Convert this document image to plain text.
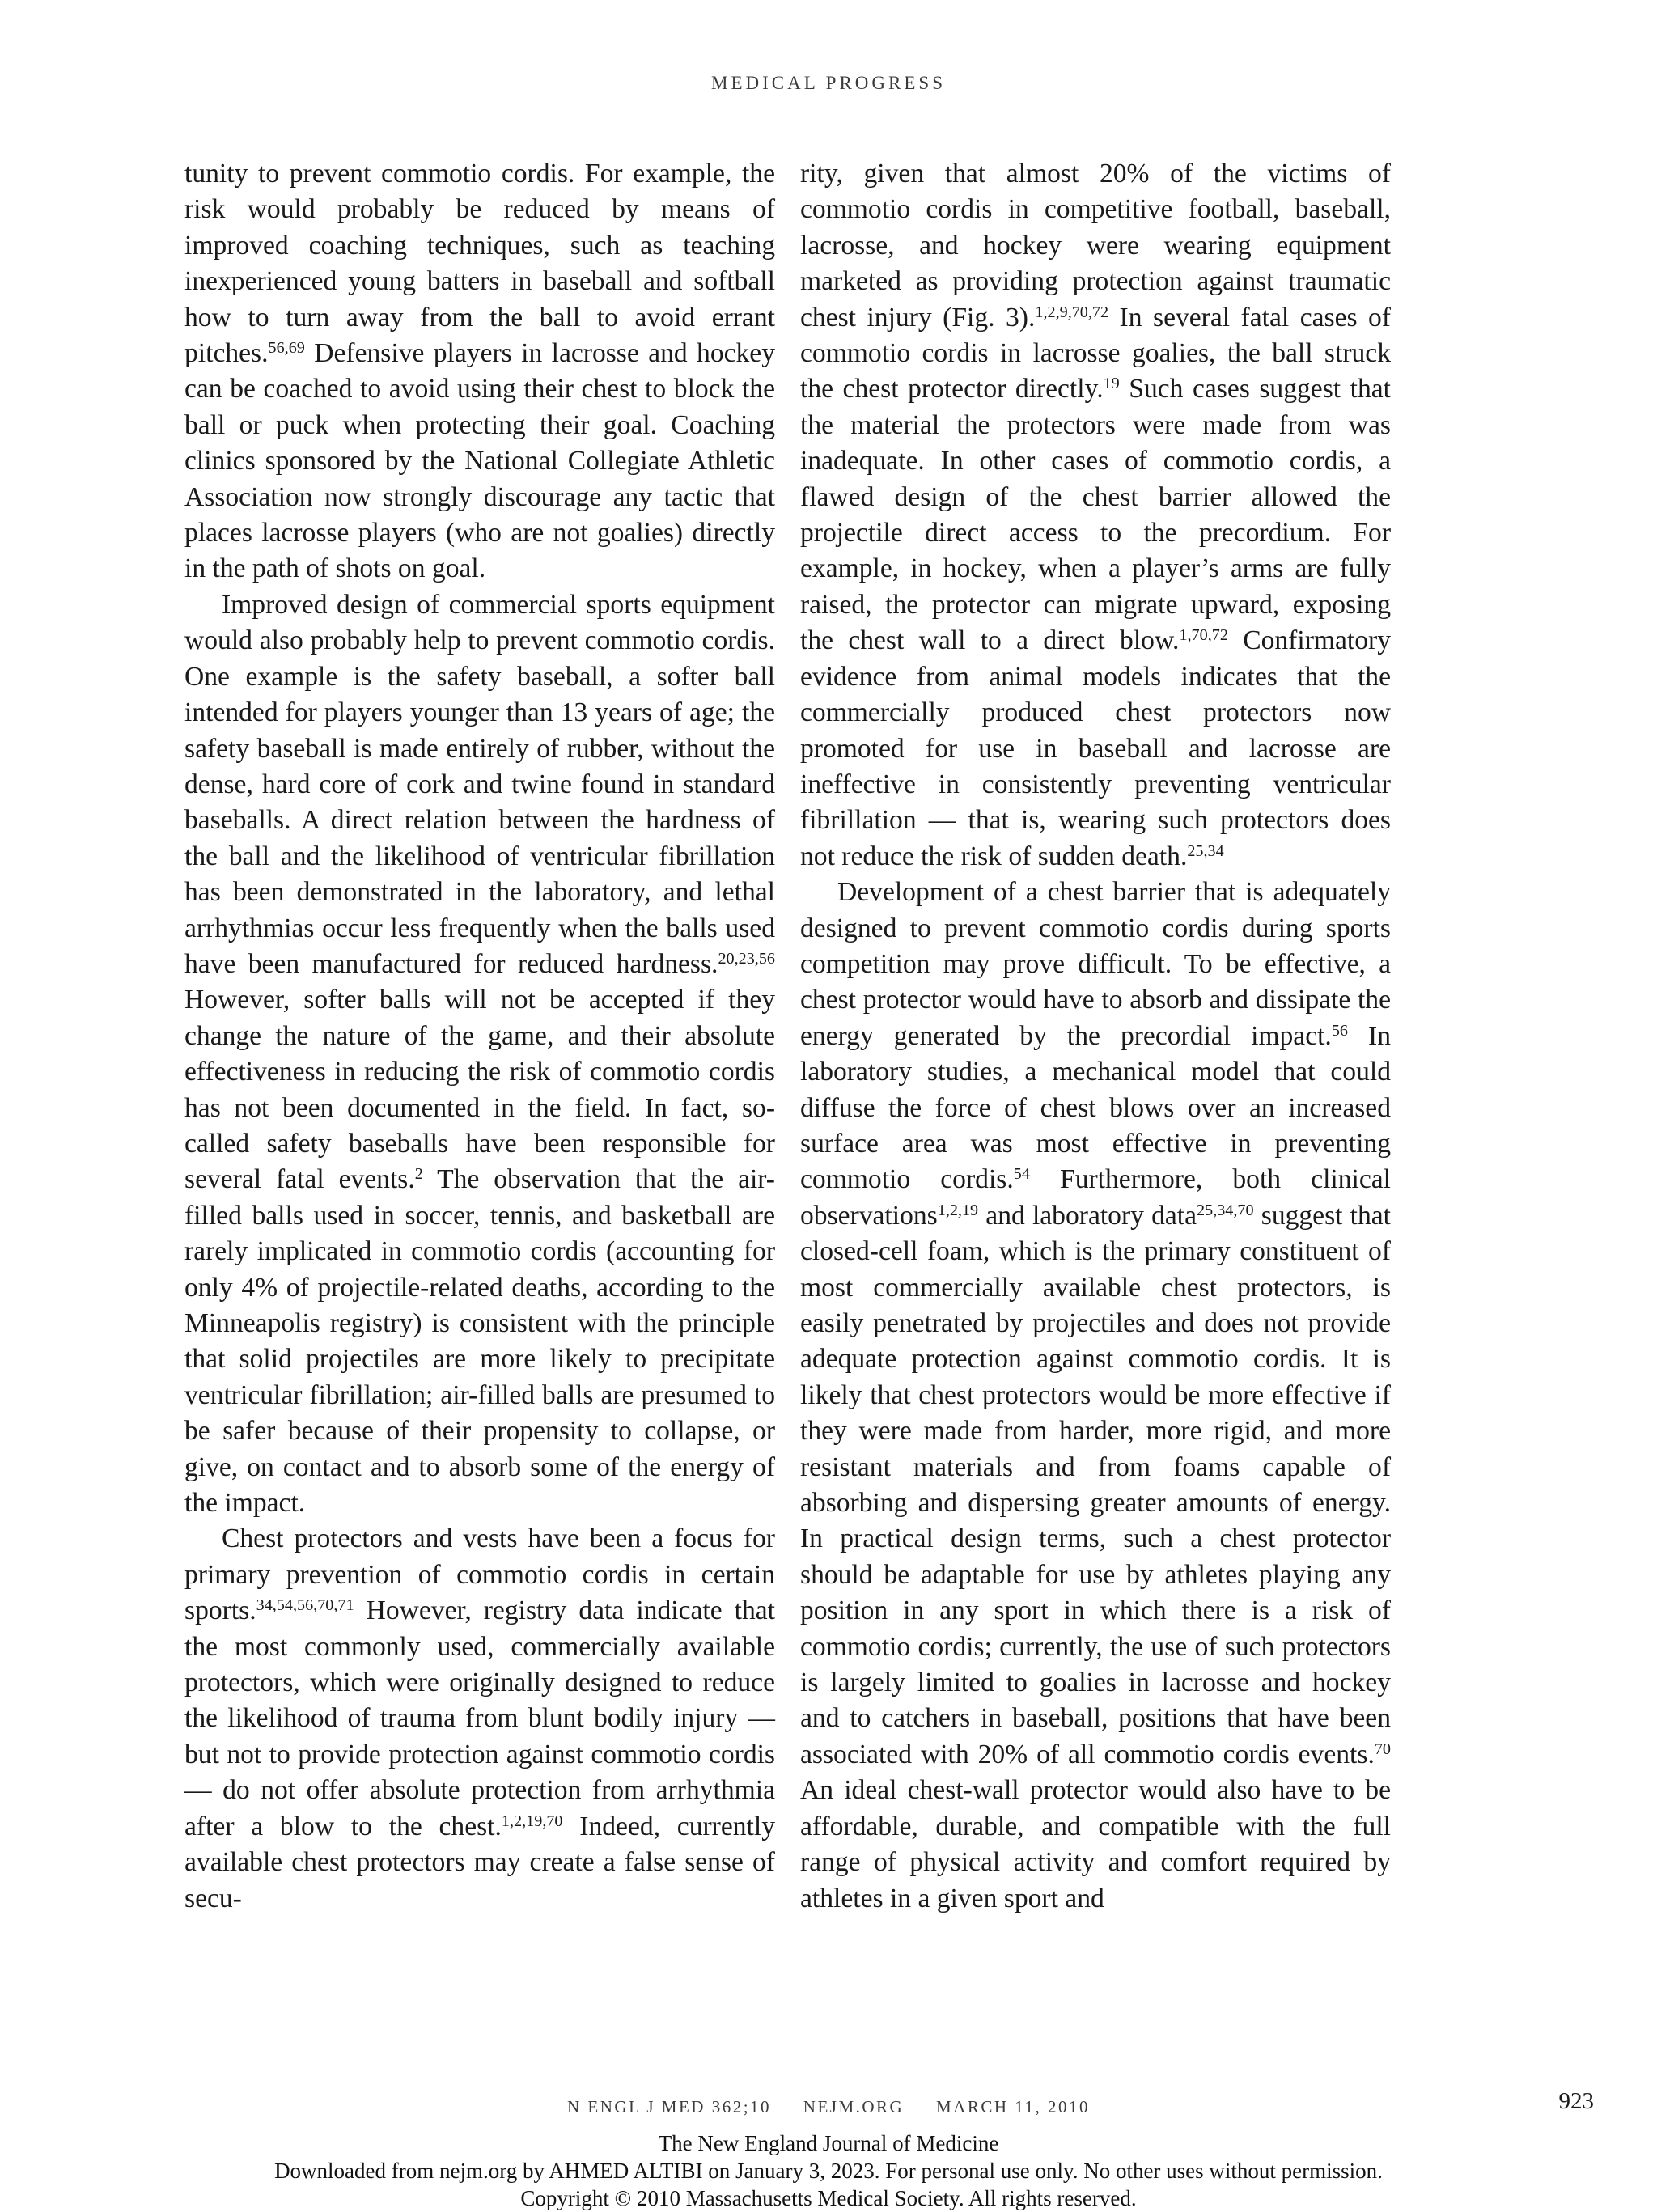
MEDICAL PROGRESS

tunity to prevent commotio cordis. For example, the risk would probably be reduced by means of improved coaching techniques, such as teaching inexperienced young batters in baseball and softball how to turn away from the ball to avoid errant pitches.$^{56,69}$ Defensive players in lacrosse and hockey can be coached to avoid using their chest to block the ball or puck when protecting their goal. Coaching clinics sponsored by the National Collegiate Athletic Association now strongly discourage any tactic that places lacrosse players (who are not goalies) directly in the path of shots on goal.

Improved design of commercial sports equipment would also probably help to prevent commotio cordis. One example is the safety baseball, a softer ball intended for players younger than 13 years of age; the safety baseball is made entirely of rubber, without the dense, hard core of cork and twine found in standard baseballs. A direct relation between the hardness of the ball and the likelihood of ventricular fibrillation has been demonstrated in the laboratory, and lethal arrhythmias occur less frequently when the balls used have been manufactured for reduced hardness.$^{20,23,56}$ However, softer balls will not be accepted if they change the nature of the game, and their absolute effectiveness in reducing the risk of commotio cordis has not been documented in the field. In fact, so-called safety baseballs have been responsible for several fatal events.$^2$ The observation that the air-filled balls used in soccer, tennis, and basketball are rarely implicated in commotio cordis (accounting for only 4% of projectile-related deaths, according to the Minneapolis registry) is consistent with the principle that solid projectiles are more likely to precipitate ventricular fibrillation; air-filled balls are presumed to be safer because of their propensity to collapse, or give, on contact and to absorb some of the energy of the impact.

Chest protectors and vests have been a focus for primary prevention of commotio cordis in certain sports.$^{34,54,56,70,71}$ However, registry data indicate that the most commonly used, commercially available protectors, which were originally designed to reduce the likelihood of trauma from blunt bodily injury — but not to provide protection against commotio cordis — do not offer absolute protection from arrhythmia after a blow to the chest.$^{1,2,19,70}$ Indeed, currently available chest protectors may create a false sense of secu-

rity, given that almost 20% of the victims of commotio cordis in competitive football, baseball, lacrosse, and hockey were wearing equipment marketed as providing protection against traumatic chest injury (Fig. 3).$^{1,2,9,70,72}$ In several fatal cases of commotio cordis in lacrosse goalies, the ball struck the chest protector directly.$^{19}$ Such cases suggest that the material the protectors were made from was inadequate. In other cases of commotio cordis, a flawed design of the chest barrier allowed the projectile direct access to the precordium. For example, in hockey, when a player’s arms are fully raised, the protector can migrate upward, exposing the chest wall to a direct blow.$^{1,70,72}$ Confirmatory evidence from animal models indicates that the commercially produced chest protectors now promoted for use in baseball and lacrosse are ineffective in consistently preventing ventricular fibrillation — that is, wearing such protectors does not reduce the risk of sudden death.$^{25,34}$

Development of a chest barrier that is adequately designed to prevent commotio cordis during sports competition may prove difficult. To be effective, a chest protector would have to absorb and dissipate the energy generated by the precordial impact.$^{56}$ In laboratory studies, a mechanical model that could diffuse the force of chest blows over an increased surface area was most effective in preventing commotio cordis.$^{54}$ Furthermore, both clinical observations$^{1,2,19}$ and laboratory data$^{25,34,70}$ suggest that closed-cell foam, which is the primary constituent of most commercially available chest protectors, is easily penetrated by projectiles and does not provide adequate protection against commotio cordis. It is likely that chest protectors would be more effective if they were made from harder, more rigid, and more resistant materials and from foams capable of absorbing and dispersing greater amounts of energy. In practical design terms, such a chest protector should be adaptable for use by athletes playing any position in any sport in which there is a risk of commotio cordis; currently, the use of such protectors is largely limited to goalies in lacrosse and hockey and to catchers in baseball, positions that have been associated with 20% of all commotio cordis events.$^{70}$ An ideal chest-wall protector would also have to be affordable, durable, and compatible with the full range of physical activity and comfort required by athletes in a given sport and

N ENGL J MED 362;10 NEJM.ORG MARCH 11, 2010	923
The New England Journal of Medicine
Downloaded from nejm.org by AHMED ALTIBI on January 3, 2023. For personal use only. No other uses without permission.
Copyright © 2010 Massachusetts Medical Society. All rights reserved.
